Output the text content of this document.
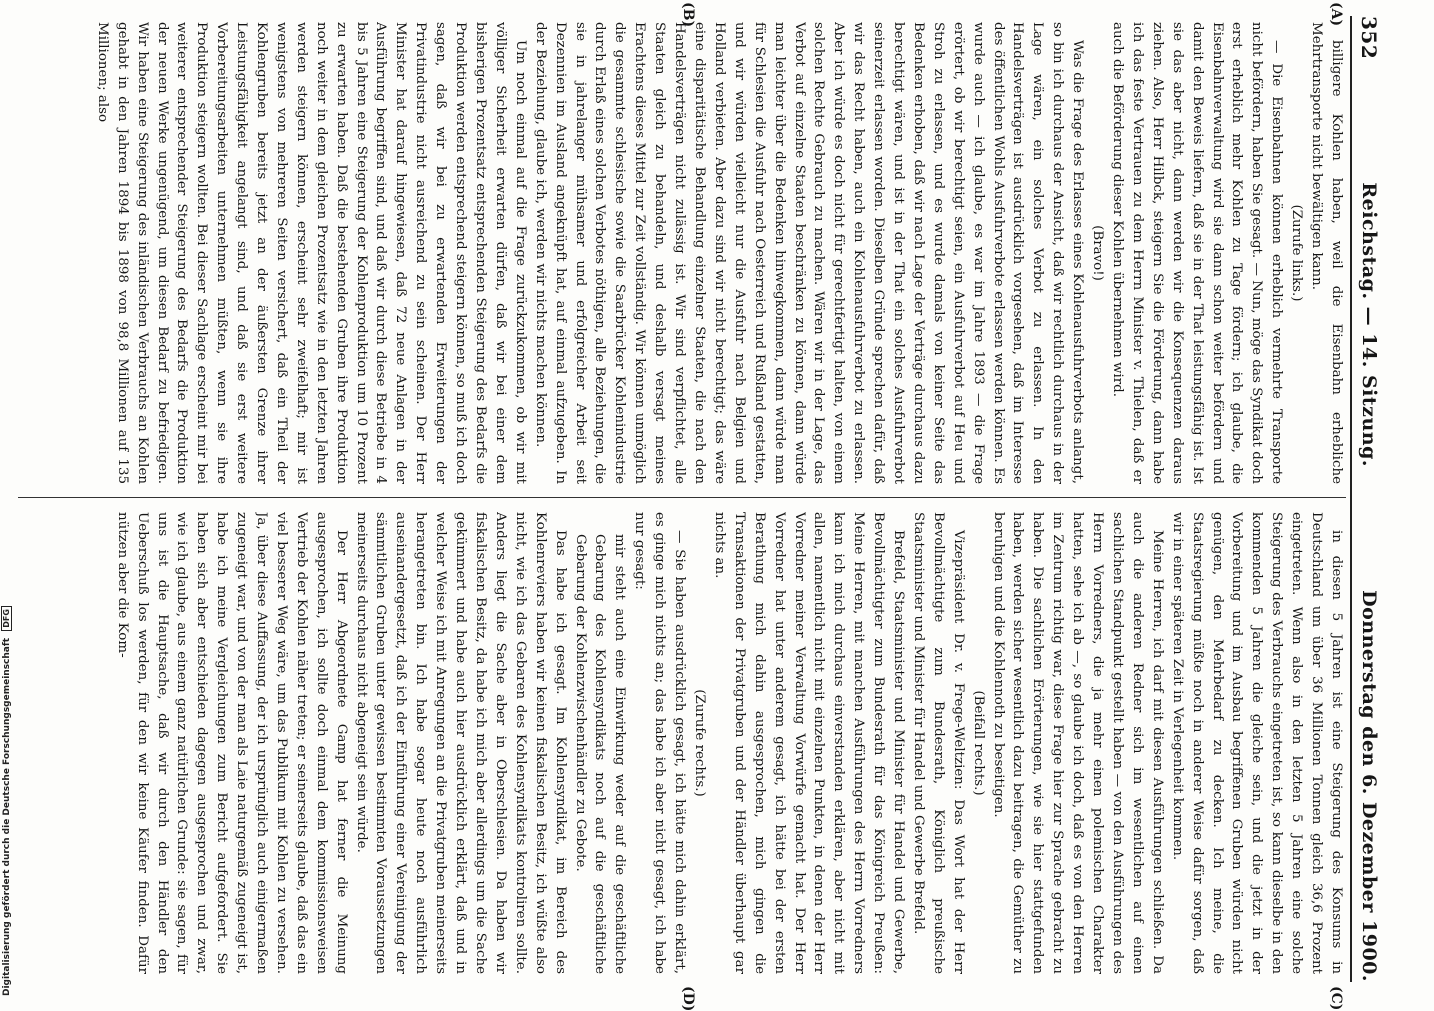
352
Reichstag. — 14. Sitzung.
Donnerstag den 6. Dezember 1900.
(A)
(B)
(C)
(D)

billigere Kohlen haben, weil die Eisenbahn erhebliche Mehrtransporte nicht bewältigen kann.

(Zurufe links.)

— Die Eisenbahnen können erheblich vermehrte Transporte nicht befördern, haben Sie gesagt. — Nun, möge das Syndikat doch erst erheblich mehr Kohlen zu Tage fördern; ich glaube, die Eisenbahnverwaltung wird sie dann schon weiter befördern und damit den Beweis liefern, daß sie in der That leistungsfähig ist. Ist sie das aber nicht, dann werden wir die Konsequenzen daraus ziehen. Also, Herr Hilbck, steigern Sie die Förderung, dann habe ich das feste Vertrauen zu dem Herrn Minister v. Thielen, daß er auch die Beförderung dieser Kohlen übernehmen wird.

(Bravo!)

Was die Frage des Erlasses eines Kohlenausfuhrverbots anlangt, so bin ich durchaus der Ansicht, daß wir rechtlich durchaus in der Lage wären, ein solches Verbot zu erlassen. In den Handelsverträgen ist ausdrücklich vorgesehen, daß im Interesse des öffentlichen Wohls Ausfuhrverbote erlassen werden können. Es wurde auch — ich glaube, es war im Jahre 1893 — die Frage erörtert, ob wir berechtigt seien, ein Ausfuhrverbot auf Heu und Stroh zu erlassen, und es wurde damals von keiner Seite das Bedenken erhoben, daß wir nach Lage der Verträge durchaus dazu berechtigt wären, und ist in der That ein solches Ausfuhrverbot seinerzeit erlassen worden. Dieselben Gründe sprechen dafür, daß wir das Recht haben, auch ein Kohlenausfuhrverbot zu erlassen. Aber ich würde es doch nicht für gerechtfertigt halten, von einem solchen Rechte Gebrauch zu machen. Wären wir in der Lage, das Verbot auf einzelne Staaten beschränken zu können, dann würde man leichter über die Bedenken hinwegkommen, dann würde man für Schlesien die Ausfuhr nach Oesterreich und Rußland gestatten, und wir würden vielleicht nur die Ausfuhr nach Belgien und Holland verbieten. Aber dazu sind wir nicht berechtigt; das wäre eine disparitätische Behandlung einzelner Staaten, die nach den Handelsverträgen nicht zulässig ist. Wir sind verpflichtet, alle Staaten gleich zu behandeln, und deshalb versagt meines Erachtens dieses Mittel zur Zeit vollständig. Wir können unmöglich die gesammte schlesische sowie die Saarbrücker Kohlenindustrie durch Erlaß eines solchen Verbotes nöthigen, alle Beziehungen, die sie in jahrelanger mühsamer und erfolgreicher Arbeit seit Dezennien im Ausland angeknüpft hat, auf einmal aufzugeben. In der Beziehung, glaube ich, werden wir nichts machen können.

Um noch einmal auf die Frage zurückzukommen, ob wir mit völliger Sicherheit erwarten dürfen, daß wir bei einer dem bisherigen Prozentsatz entsprechenden Steigerung des Bedarfs die Produktion werden entsprechend steigern können, so muß ich doch sagen, daß wir bei zu erwartenden Erweiterungen der Privatindustrie nicht ausreichend zu sein scheinen. Der Herr Minister hat darauf hingewiesen, daß 72 neue Anlagen in der Ausführung begriffen sind, und daß wir durch diese Betriebe in 4 bis 5 Jahren eine Steigerung der Kohlenproduktion um 10 Prozent zu erwarten haben. Daß die bestehenden Gruben ihre Produktion noch weiter in dem gleichen Prozentsatz wie in den letzten Jahren werden steigern können, erscheint sehr zweifelhaft; mir ist wenigstens von mehreren Seiten versichert, daß ein Theil der Kohlengruben bereits jetzt an der äußersten Grenze ihrer Leistungsfähigkeit angelangt sind, und daß sie erst weitere Vorbereitungsarbeiten unternehmen müßten, wenn sie ihre Produktion steigern wollten. Bei dieser Sachlage erscheint mir bei weiterer entsprechender Steigerung des Bedarfs die Produktion der neuen Werke ungenügend, um diesen Bedarf zu befriedigen. Wir haben eine Steigerung des inländischen Verbrauchs an Kohlen gehabt in den Jahren 1894 bis 1898 von 98,8 Millionen auf 135 Millionen; also

in diesen 5 Jahren ist eine Steigerung des Konsums in Deutschland um über 36 Millionen Tonnen gleich 36,6 Prozent eingetreten. Wenn also in den letzten 5 Jahren eine solche Steigerung des Verbrauchs eingetreten ist, so kann dieselbe in den kommenden 5 Jahren die gleiche sein, und die jetzt in der Vorbereitung und im Ausbau begriffenen Gruben würden nicht genügen, den Mehrbedarf zu decken. Ich meine, die Staatsregierung müßte noch in anderer Weise dafür sorgen, daß wir in einer späteren Zeit in Verlegenheit kommen.

Meine Herren, ich darf mit diesen Ausführungen schließen. Da auch die anderen Redner sich im wesentlichen auf einen sachlichen Standpunkt gestellt haben — von den Ausführungen des Herrn Vorredners, die ja mehr einen polemischen Charakter hatten, sehe ich ab —, so glaube ich doch, daß es von den Herren im Zentrum richtig war, diese Frage hier zur Sprache gebracht zu haben. Die sachlichen Erörterungen, wie sie hier stattgefunden haben, werden sicher wesentlich dazu beitragen, die Gemüther zu beruhigen und die Kohlennoth zu beseitigen.

(Beifall rechts.)

Vizepräsident Dr. v. Frege-Weltzien: Das Wort hat der Herr Bevollmächtigte zum Bundesrath, Königlich preußische Staatsminister und Minister für Handel und Gewerbe Brefeld.

Brefeld, Staatsminister und Minister für Handel und Gewerbe, Bevollmächtigter zum Bundesrath für das Königreich Preußen: Meine Herren, mit manchen Ausführungen des Herrn Vorredners kann ich mich durchaus einverstanden erklären, aber nicht mit allen, namentlich nicht mit einzelnen Punkten, in denen der Herr Vorredner meiner Verwaltung Vorwürfe gemacht hat. Der Herr Vorredner hat unter anderem gesagt, ich hätte bei der ersten Berathung mich dahin ausgesprochen, mich gingen die Transaktionen der Privatgruben und der Händler überhaupt gar nichts an.

(Zurufe rechts.)

— Sie haben ausdrücklich gesagt, ich hätte mich dahin erklärt, es ginge mich nichts an; das habe ich aber nicht gesagt, ich habe nur gesagt:

mir steht auch eine Einwirkung weder auf die geschäftliche Gebarung des Kohlensyndikats noch auf die geschäftliche Gebarung der Kohlenzwischenhändler zu Gebote.

Das habe ich gesagt. Im Kohlensyndikat, im Bereich des Kohlenreviers haben wir keinen fiskalischen Besitz, ich wüßte also nicht, wie ich das Gebaren des Kohlensyndikats kontroliren sollte. Anders liegt die Sache aber in Oberschlesien. Da haben wir fiskalischen Besitz, da habe ich mich aber allerdings um die Sache gekümmert und habe auch hier ausdrücklich erklärt, daß und in welcher Weise ich mit Anregungen an die Privatgruben meinerseits herangetreten bin. Ich habe sogar heute noch ausführlich auseinandergesetzt, daß ich der Einführung einer Vereinigung der sämmtlichen Gruben unter gewissen bestimmten Voraussetzungen meinerseits durchaus nicht abgeneigt sein würde.

Der Herr Abgeordnete Gamp hat ferner die Meinung ausgesprochen, ich sollte doch einmal dem kommissionsweisen Vertrieb der Kohlen näher treten; er seinerseits glaube, daß das ein viel besserer Weg wäre, um das Publikum mit Kohlen zu versehen. Ja, über diese Auffassung, der ich ursprünglich auch einigermaßen zugeneigt war, und von der man als Laie naturgemäß zugeneigt ist, habe ich meine Vergleichungen zum Bericht aufgefordert. Sie haben sich aber entschieden dagegen ausgesprochen und zwar, wie ich glaube, aus einem ganz natürlichen Grunde: sie sagen, für uns ist die Hauptsache, daß wir durch den Händler den Ueberschuß los werden, für den wir keine Käufer finden. Dafür nützen aber die Kom-

Digitalisierung gefördert durch die Deutsche Forschungsgemeinschaft DFG
